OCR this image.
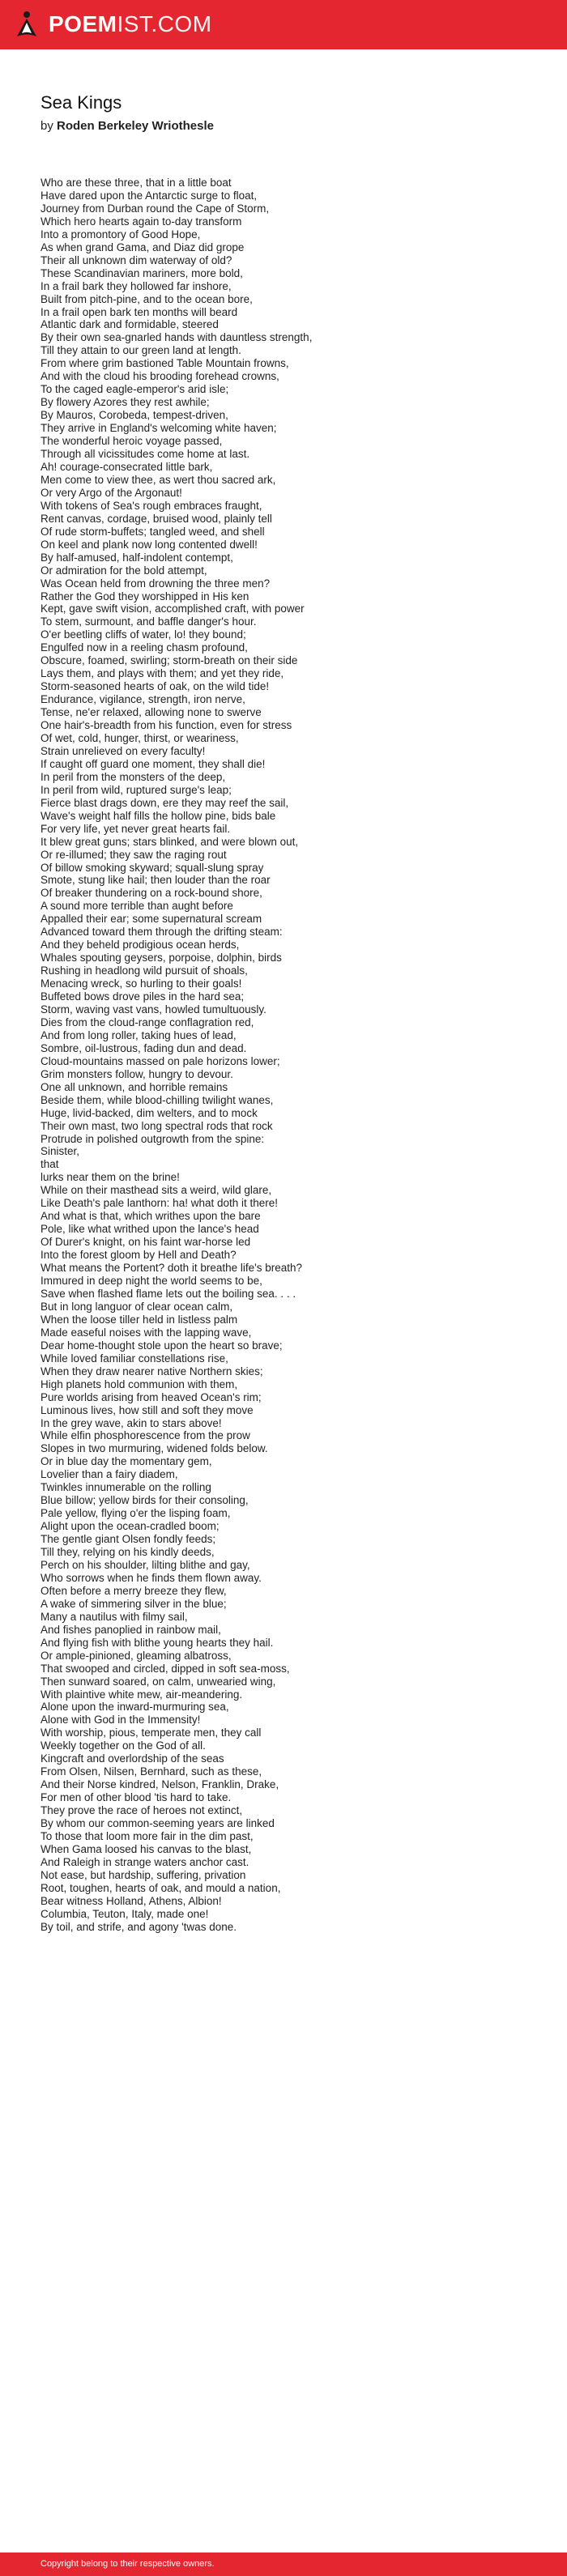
POEMIST.COM
Sea Kings
by Roden Berkeley Wriothesle
Who are these three, that in a little boat
Have dared upon the Antarctic surge to float,
Journey from Durban round the Cape of Storm,
Which hero hearts again to-day transform
Into a promontory of Good Hope,
As when grand Gama, and Diaz did grope
Their all unknown dim waterway of old?
These Scandinavian mariners, more bold,
In a frail bark they hollowed far inshore,
Built from pitch-pine, and to the ocean bore,
In a frail open bark ten months will beard
Atlantic dark and formidable, steered
By their own sea-gnarled hands with dauntless strength,
Till they attain to our green land at length.
From where grim bastioned Table Mountain frowns,
And with the cloud his brooding forehead crowns,
To the caged eagle-emperor's arid isle;
By flowery Azores they rest awhile;
By Mauros, Corobeda, tempest-driven,
They arrive in England's welcoming white haven;
The wonderful heroic voyage passed,
Through all vicissitudes come home at last.
Ah! courage-consecrated little bark,
Men come to view thee, as wert thou sacred ark,
Or very Argo of the Argonaut!
With tokens of Sea's rough embraces fraught,
Rent canvas, cordage, bruised wood, plainly tell
Of rude storm-buffets; tangled weed, and shell
On keel and plank now long contented dwell!
By half-amused, half-indolent contempt,
Or admiration for the bold attempt,
Was Ocean held from drowning the three men?
Rather the God they worshipped in His ken
Kept, gave swift vision, accomplished craft, with power
To stem, surmount, and baffle danger's hour.
O'er beetling cliffs of water, lo! they bound;
Engulfed now in a reeling chasm profound,
Obscure, foamed, swirling; storm-breath on their side
Lays them, and plays with them; and yet they ride,
Storm-seasoned hearts of oak, on the wild tide!
Endurance, vigilance, strength, iron nerve,
Tense, ne'er relaxed, allowing none to swerve
One hair's-breadth from his function, even for stress
Of wet, cold, hunger, thirst, or weariness,
Strain unrelieved on every faculty!
If caught off guard one moment, they shall die!
In peril from the monsters of the deep,
In peril from wild, ruptured surge's leap;
Fierce blast drags down, ere they may reef the sail,
Wave's weight half fills the hollow pine, bids bale
For very life, yet never great hearts fail.
It blew great guns; stars blinked, and were blown out,
Or re-illumed; they saw the raging rout
Of billow smoking skyward; squall-slung spray
Smote, stung like hail; then louder than the roar
Of breaker thundering on a rock-bound shore,
A sound more terrible than aught before
Appalled their ear; some supernatural scream
Advanced toward them through the drifting steam:
And they beheld prodigious ocean herds,
Whales spouting geysers, porpoise, dolphin, birds
Rushing in headlong wild pursuit of shoals,
Menacing wreck, so hurling to their goals!
Buffeted bows drove piles in the hard sea;
Storm, waving vast vans, howled tumultuously.
Dies from the cloud-range conflagration red,
And from long roller, taking hues of lead,
Sombre, oil-lustrous, fading dun and dead.
Cloud-mountains massed on pale horizons lower;
Grim monsters follow, hungry to devour.
One all unknown, and horrible remains
Beside them, while blood-chilling twilight wanes,
Huge, livid-backed, dim welters, and to mock
Their own mast, two long spectral rods that rock
Protrude in polished outgrowth from the spine:
Sinister,
that
lurks near them on the brine!
While on their masthead sits a weird, wild glare,
Like Death's pale lanthorn: ha! what doth it there!
And what is that, which writhes upon the bare
Pole, like what writhed upon the lance's head
Of Durer's knight, on his faint war-horse led
Into the forest gloom by Hell and Death?
What means the Portent? doth it breathe life's breath?
Immured in deep night the world seems to be,
Save when flashed flame lets out the boiling sea. . . .
But in long languor of clear ocean calm,
When the loose tiller held in listless palm
Made easeful noises with the lapping wave,
Dear home-thought stole upon the heart so brave;
While loved familiar constellations rise,
When they draw nearer native Northern skies;
High planets hold communion with them,
Pure worlds arising from heaved Ocean's rim;
Luminous lives, how still and soft they move
In the grey wave, akin to stars above!
While elfin phosphorescence from the prow
Slopes in two murmuring, widened folds below.
Or in blue day the momentary gem,
Lovelier than a fairy diadem,
Twinkles innumerable on the rolling
Blue billow; yellow birds for their consoling,
Pale yellow, flying o'er the lisping foam,
Alight upon the ocean-cradled boom;
The gentle giant Olsen fondly feeds;
Till they, relying on his kindly deeds,
Perch on his shoulder, lilting blithe and gay,
Who sorrows when he finds them flown away.
Often before a merry breeze they flew,
A wake of simmering silver in the blue;
Many a nautilus with filmy sail,
And fishes panoplied in rainbow mail,
And flying fish with blithe young hearts they hail.
Or ample-pinioned, gleaming albatross,
That swooped and circled, dipped in soft sea-moss,
Then sunward soared, on calm, unwearied wing,
With plaintive white mew, air-meandering.
Alone upon the inward-murmuring sea,
Alone with God in the Immensity!
With worship, pious, temperate men, they call
Weekly together on the God of all.
Kingcraft and overlordship of the seas
From Olsen, Nilsen, Bernhard, such as these,
And their Norse kindred, Nelson, Franklin, Drake,
For men of other blood 'tis hard to take.
They prove the race of heroes not extinct,
By whom our common-seeming years are linked
To those that loom more fair in the dim past,
When Gama loosed his canvas to the blast,
And Raleigh in strange waters anchor cast.
Not ease, but hardship, suffering, privation
Root, toughen, hearts of oak, and mould a nation,
Bear witness Holland, Athens, Albion!
Columbia, Teuton, Italy, made one!
By toil, and strife, and agony 'twas done.
Copyright belong to their respective owners.
